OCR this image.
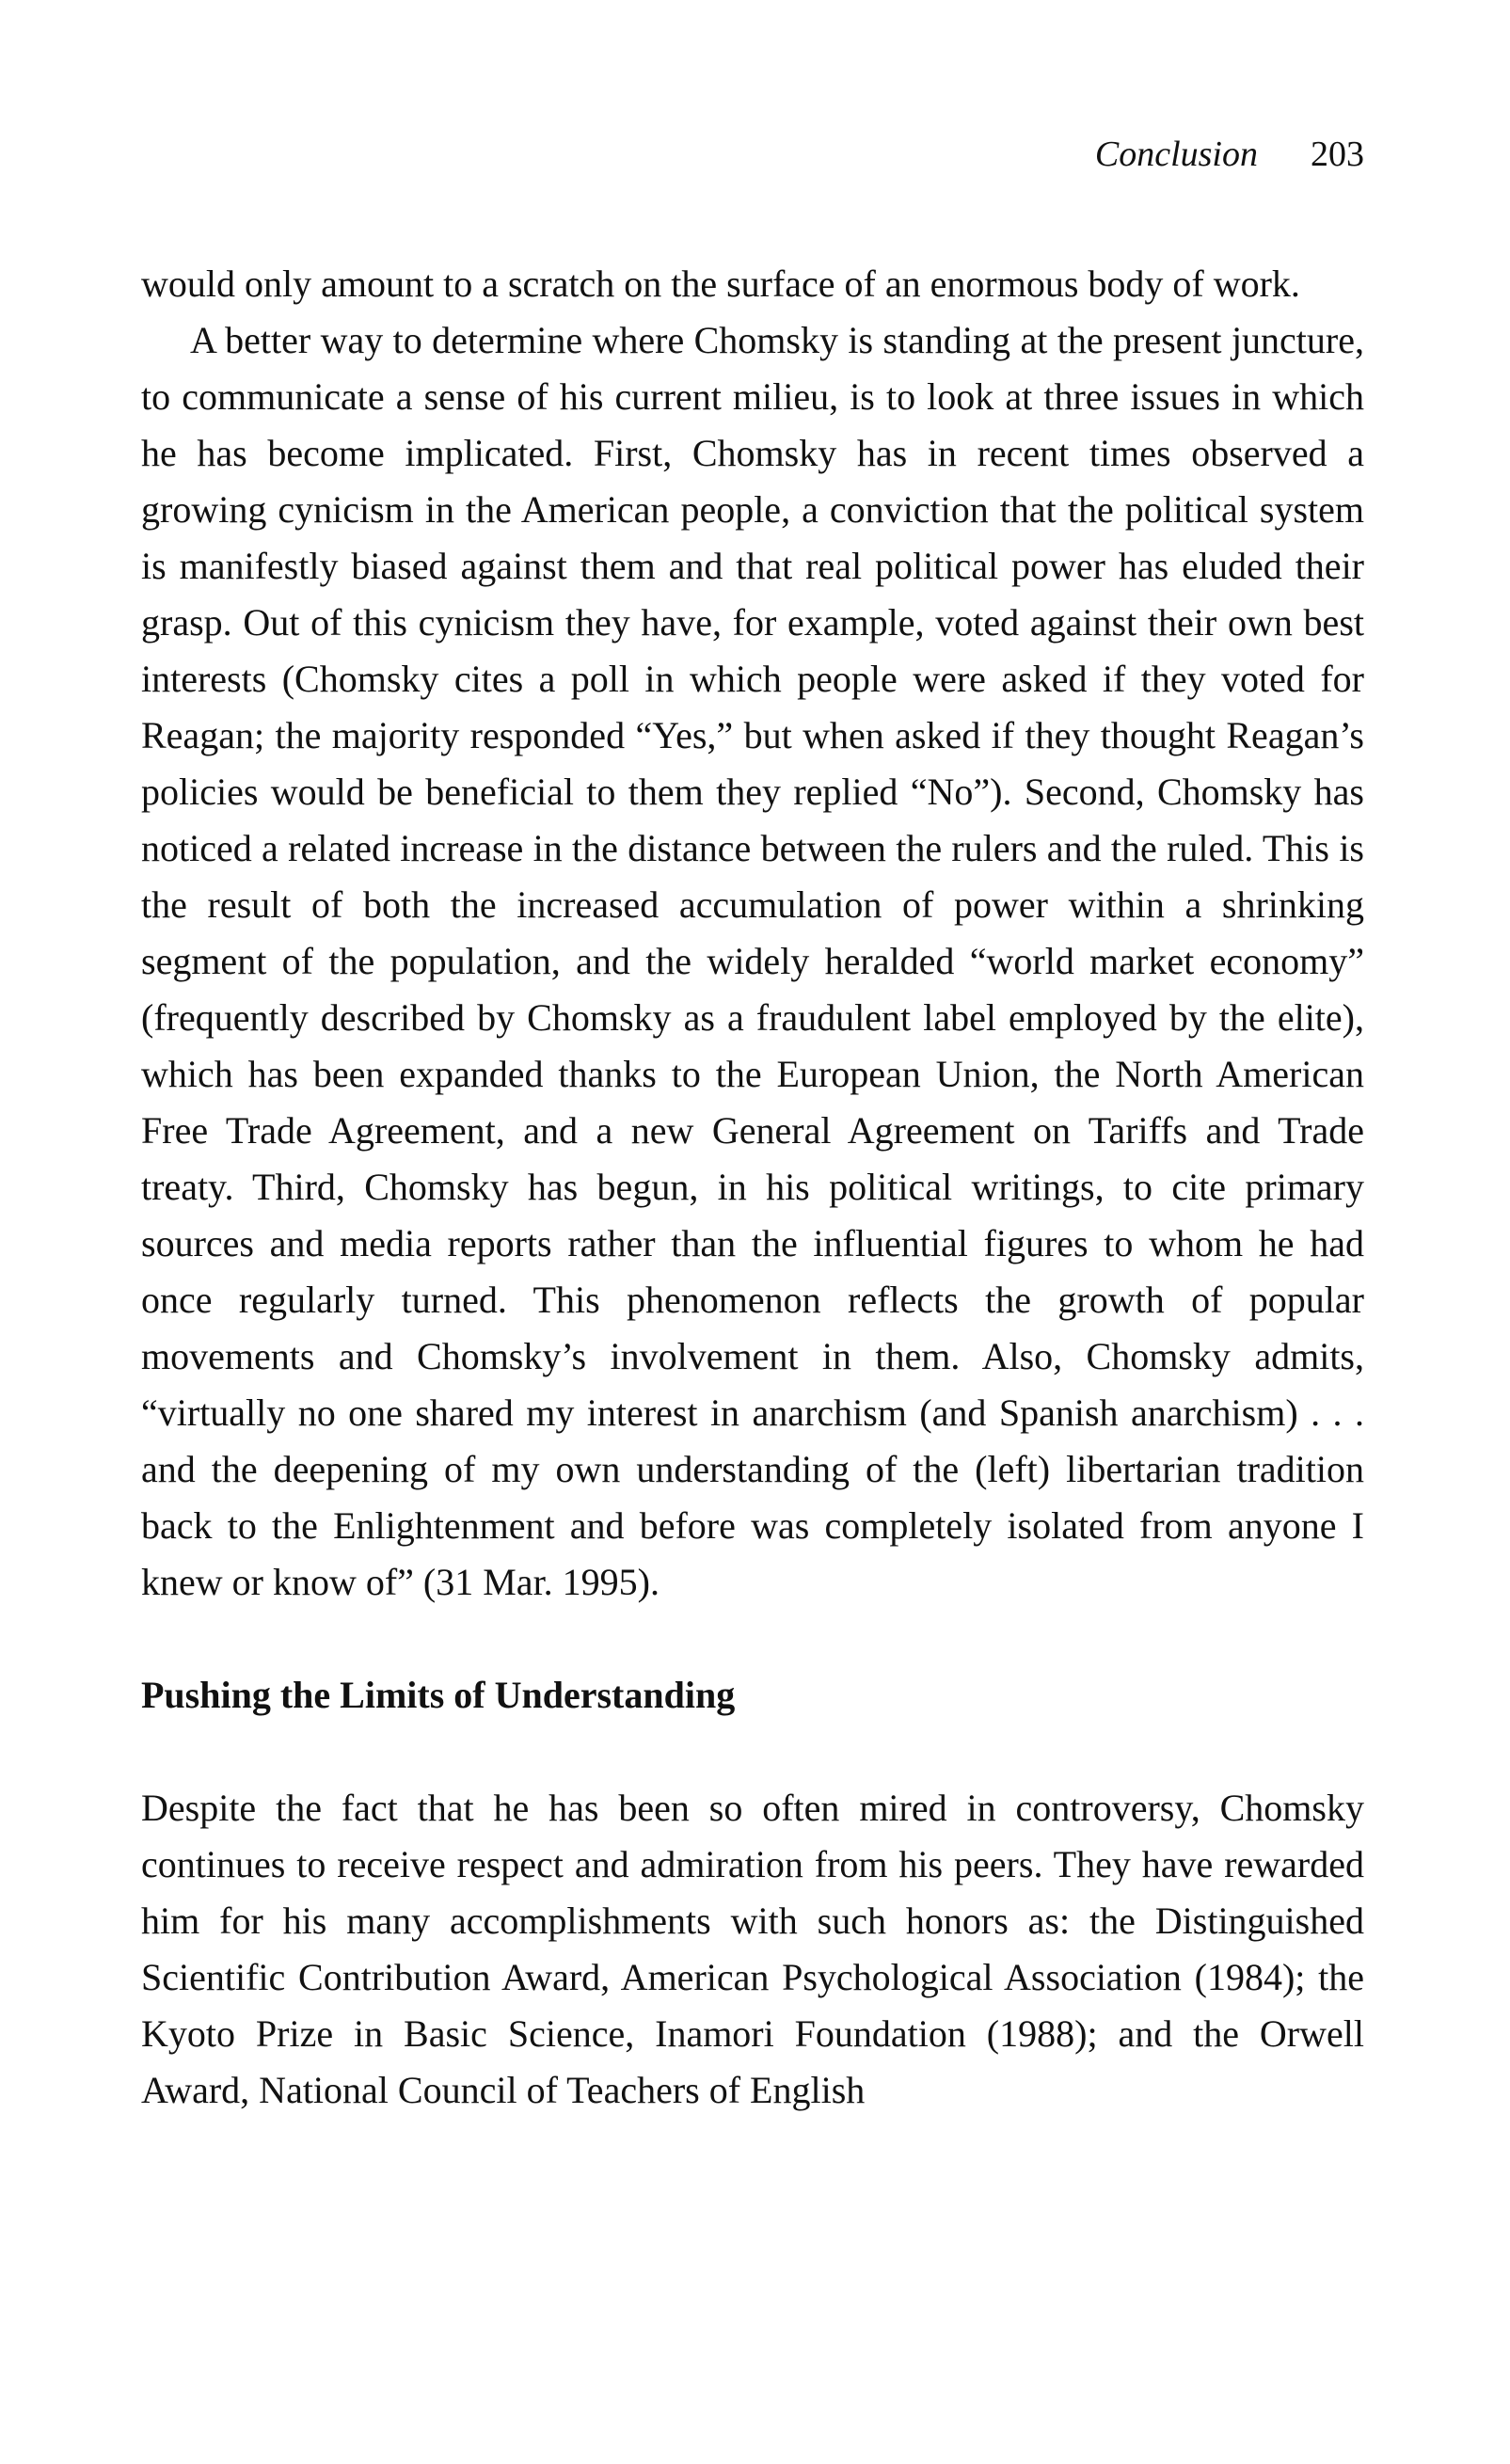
Conclusion 203

would only amount to a scratch on the surface of an enormous body of work.

A better way to determine where Chomsky is standing at the present juncture, to communicate a sense of his current milieu, is to look at three issues in which he has become implicated. First, Chomsky has in recent times observed a growing cynicism in the American people, a conviction that the political system is manifestly biased against them and that real political power has eluded their grasp. Out of this cynicism they have, for example, voted against their own best interests (Chomsky cites a poll in which people were asked if they voted for Reagan; the majority responded “Yes,” but when asked if they thought Reagan’s policies would be beneficial to them they replied “No”). Second, Chomsky has noticed a related increase in the distance between the rulers and the ruled. This is the result of both the increased accumulation of power within a shrinking segment of the population, and the widely heralded “world market economy” (frequently described by Chomsky as a fraudulent label employed by the elite), which has been expanded thanks to the European Union, the North American Free Trade Agreement, and a new General Agreement on Tariffs and Trade treaty. Third, Chomsky has begun, in his political writings, to cite primary sources and media reports rather than the influential figures to whom he had once regularly turned. This phenomenon reflects the growth of popular movements and Chomsky’s involvement in them. Also, Chomsky admits, “virtually no one shared my interest in anarchism (and Spanish anarchism) . . . and the deepening of my own understanding of the (left) libertarian tradition back to the Enlightenment and before was completely isolated from anyone I knew or know of” (31 Mar. 1995).

Pushing the Limits of Understanding

Despite the fact that he has been so often mired in controversy, Chomsky continues to receive respect and admiration from his peers. They have rewarded him for his many accomplishments with such honors as: the Distinguished Scientific Contribution Award, American Psychological Association (1984); the Kyoto Prize in Basic Science, Inamori Foundation (1988); and the Orwell Award, National Council of Teachers of English
